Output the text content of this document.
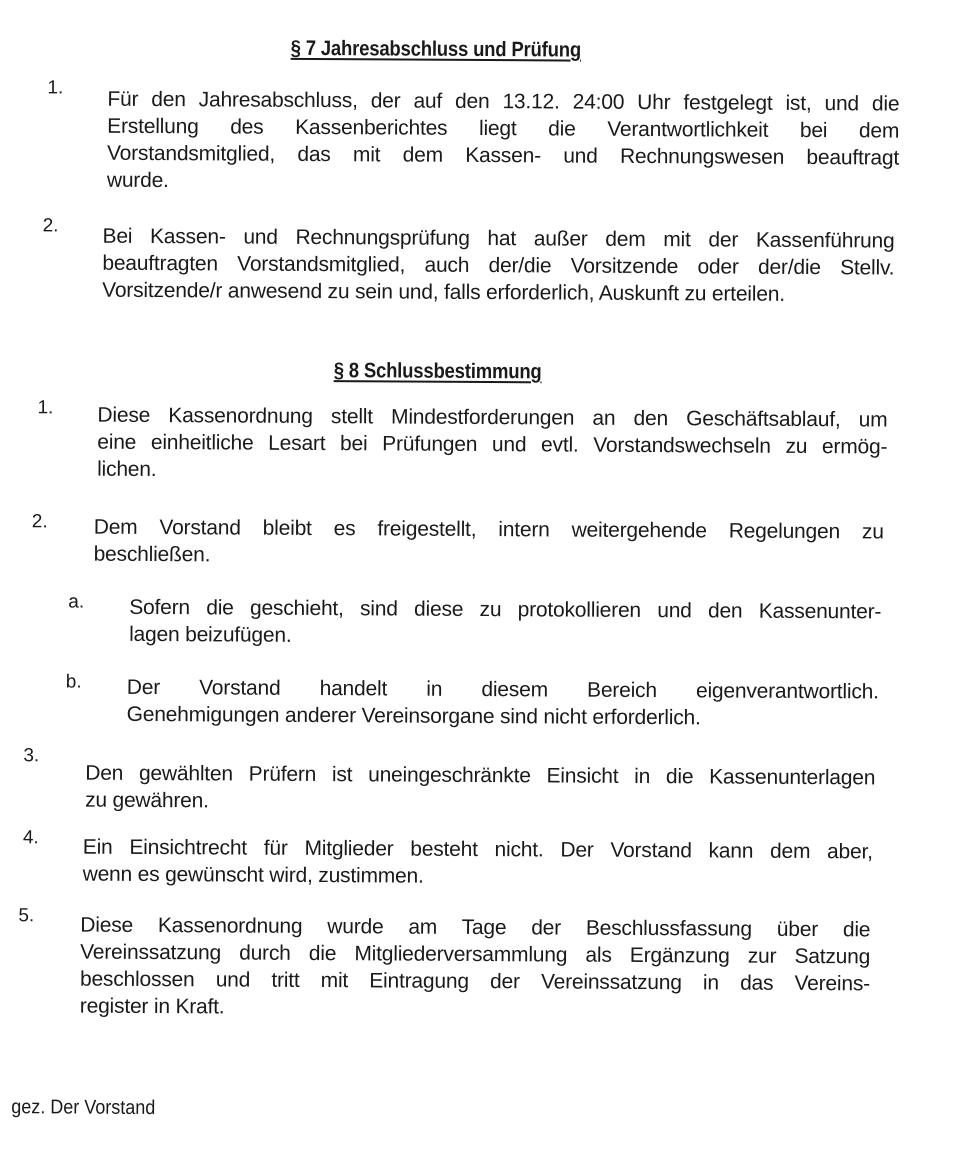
§ 7 Jahresabschluss und Prüfung
1. Für den Jahresabschluss, der auf den 13.12. 24:00 Uhr festgelegt ist, und die
Erstellung des Kassenberichtes liegt die Verantwortlichkeit bei dem
Vorstandsmitglied, das mit dem Kassen- und Rechnungswesen beauftragt
wurde.
2. Bei Kassen- und Rechnungsprüfung hat außer dem mit der Kassenführung
beauftragten Vorstandsmitglied, auch der/die Vorsitzende oder der/die Stellv.
Vorsitzende/r anwesend zu sein und, falls erforderlich, Auskunft zu erteilen.
§ 8 Schlussbestimmung
1. Diese Kassenordnung stellt Mindestforderungen an den Geschäftsablauf, um
eine einheitliche Lesart bei Prüfungen und evtl. Vorstandswechseln zu ermög-
lichen.
2. Dem Vorstand bleibt es freigestellt, intern weitergehende Regelungen zu
beschließen.
a. Sofern die geschieht, sind diese zu protokollieren und den Kassenunter-
lagen beizufügen.
b. Der Vorstand handelt in diesem Bereich eigenverantwortlich.
Genehmigungen anderer Vereinsorgane sind nicht erforderlich.
3.
Den gewählten Prüfern ist uneingeschränkte Einsicht in die Kassenunterlagen
zu gewähren.
4. Ein Einsichtrecht für Mitglieder besteht nicht. Der Vorstand kann dem aber,
wenn es gewünscht wird, zustimmen.
5. Diese Kassenordnung wurde am Tage der Beschlussfassung über die
Vereinssatzung durch die Mitgliederversammlung als Ergänzung zur Satzung
beschlossen und tritt mit Eintragung der Vereinssatzung in das Vereins-
register in Kraft.
gez. Der Vorstand
